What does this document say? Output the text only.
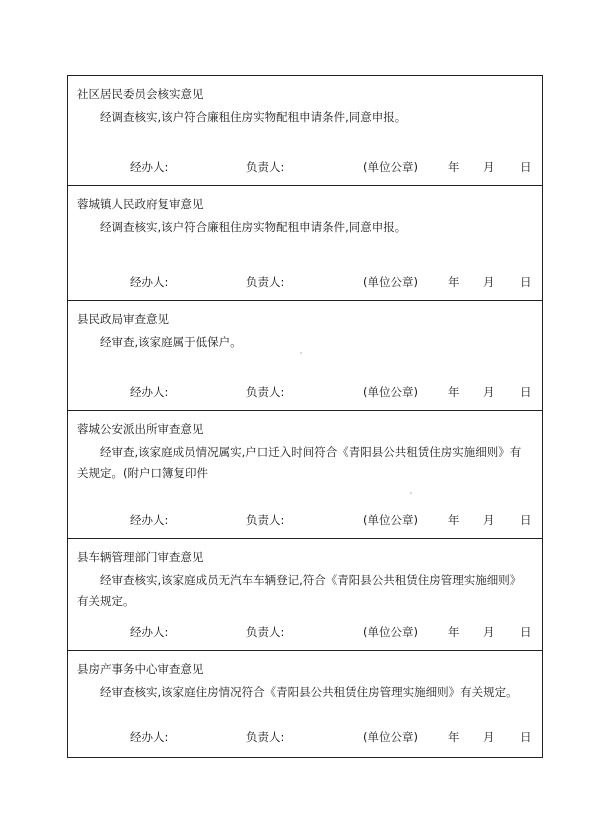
社区居民委员会核实意见
经调查核实,该户符合廉租住房实物配租申请条件,同意申报。
经办人:	负责人:	(单位公章)	年 月 日
蓉城镇人民政府复审意见
经调查核实,该户符合廉租住房实物配租申请条件,同意申报。
经办人:	负责人:	(单位公章)	年 月 日
县民政局审查意见
经审查,该家庭属于低保户。
经办人:	负责人:	(单位公章)	年 月 日
蓉城公安派出所审查意见
经审查,该家庭成员情况属实,户口迁入时间符合《青阳县公共租赁住房实施细则》有关规定。(附户口簿复印件
经办人:	负责人:	(单位公章)	年 月 日
县车辆管理部门审查意见
经审查核实,该家庭成员无汽车车辆登记,符合《青阳县公共租赁住房管理实施细则》有关规定。
经办人:	负责人:	(单位公章)	年 月 日
县房产事务中心审查意见
经审查核实,该家庭住房情况符合《青阳县公共租赁住房管理实施细则》有关规定。
经办人:	负责人:	(单位公章)	年 月 日
